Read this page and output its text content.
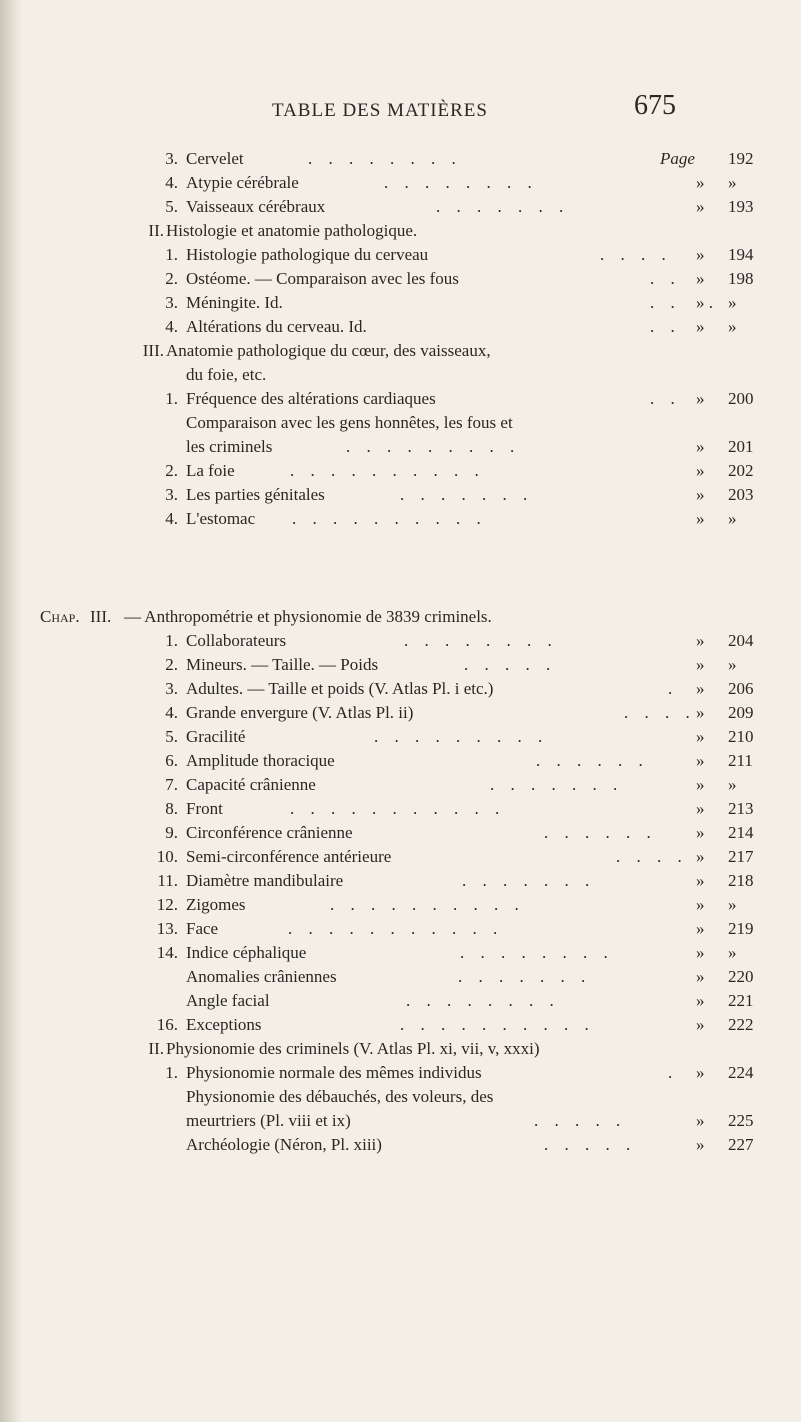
TABLE DES MATIÈRES	675
3. Cervelet	. . . . . . . .	Page 192
4. Atypie cérébrale	. . . . . . . .	» »
5. Vaisseaux cérébraux	. . . . . . .	» 193
II. Histologie et anatomie pathologique.
1. Histologie pathologique du cerveau	. . . . » 194
2. Ostéome. — Comparaison avec les fous	. . » 198
3. Méningite. Id.	. . » . »
4. Altérations du cerveau. Id.	. . » »
III. Anatomie pathologique du cœur, des vaisseaux,
du foie, etc.
1. Fréquence des altérations cardiaques	. . » 200
Comparaison avec les gens honnêtes, les fous et
les criminels	. . . . . . . . .	» 201
2. La foie	. . . . . . . . . .	» 202
3. Les parties génitales	. . . . . . .	» 203
4. L'estomac . . . . . . . . . .	» »
Chap. III. — Anthropométrie et physionomie de 3839 criminels.
1. Collaborateurs	. . . . . . . .	» 204
2. Mineurs. — Taille. — Poids	. . . . .	» »
3. Adultes. — Taille et poids (V. Atlas Pl. i etc.)	. » 206
4. Grande envergure (V. Atlas Pl. ii)	. . . . » 209
5. Gracilité	. . . . . . . . .	» 210
6. Amplitude thoracique	. . . . . .	» 211
7. Capacité crânienne	. . . . . . .	» »
8. Front	. . . . . . . . . . .	» 213
9. Circonférence crânienne	. . . . . . » 214
10. Semi-circonférence antérieure	. . . . » 217
11. Diamètre mandibulaire	. . . . . . .	» 218
12. Zigomes	. . . . . . . . . .	» »
13. Face	. . . . . . . . . . .	» 219
14. Indice céphalique	. . . . . . . .	» »
Anomalies crâniennes	. . . . . . .	» 220
Angle facial	. . . . . . . .	» 221
16. Exceptions	. . . . . . . . . .	» 222
II. Physionomie des criminels (V. Atlas Pl. xi, vii, v, xxxi)
1. Physionomie normale des mêmes individus	. » 224
Physionomie des débauchés, des voleurs, des
meurtriers (Pl. viii et ix)	. . . . .	» 225
Archéologie (Néron, Pl. xiii)	. . . . .	» 227
